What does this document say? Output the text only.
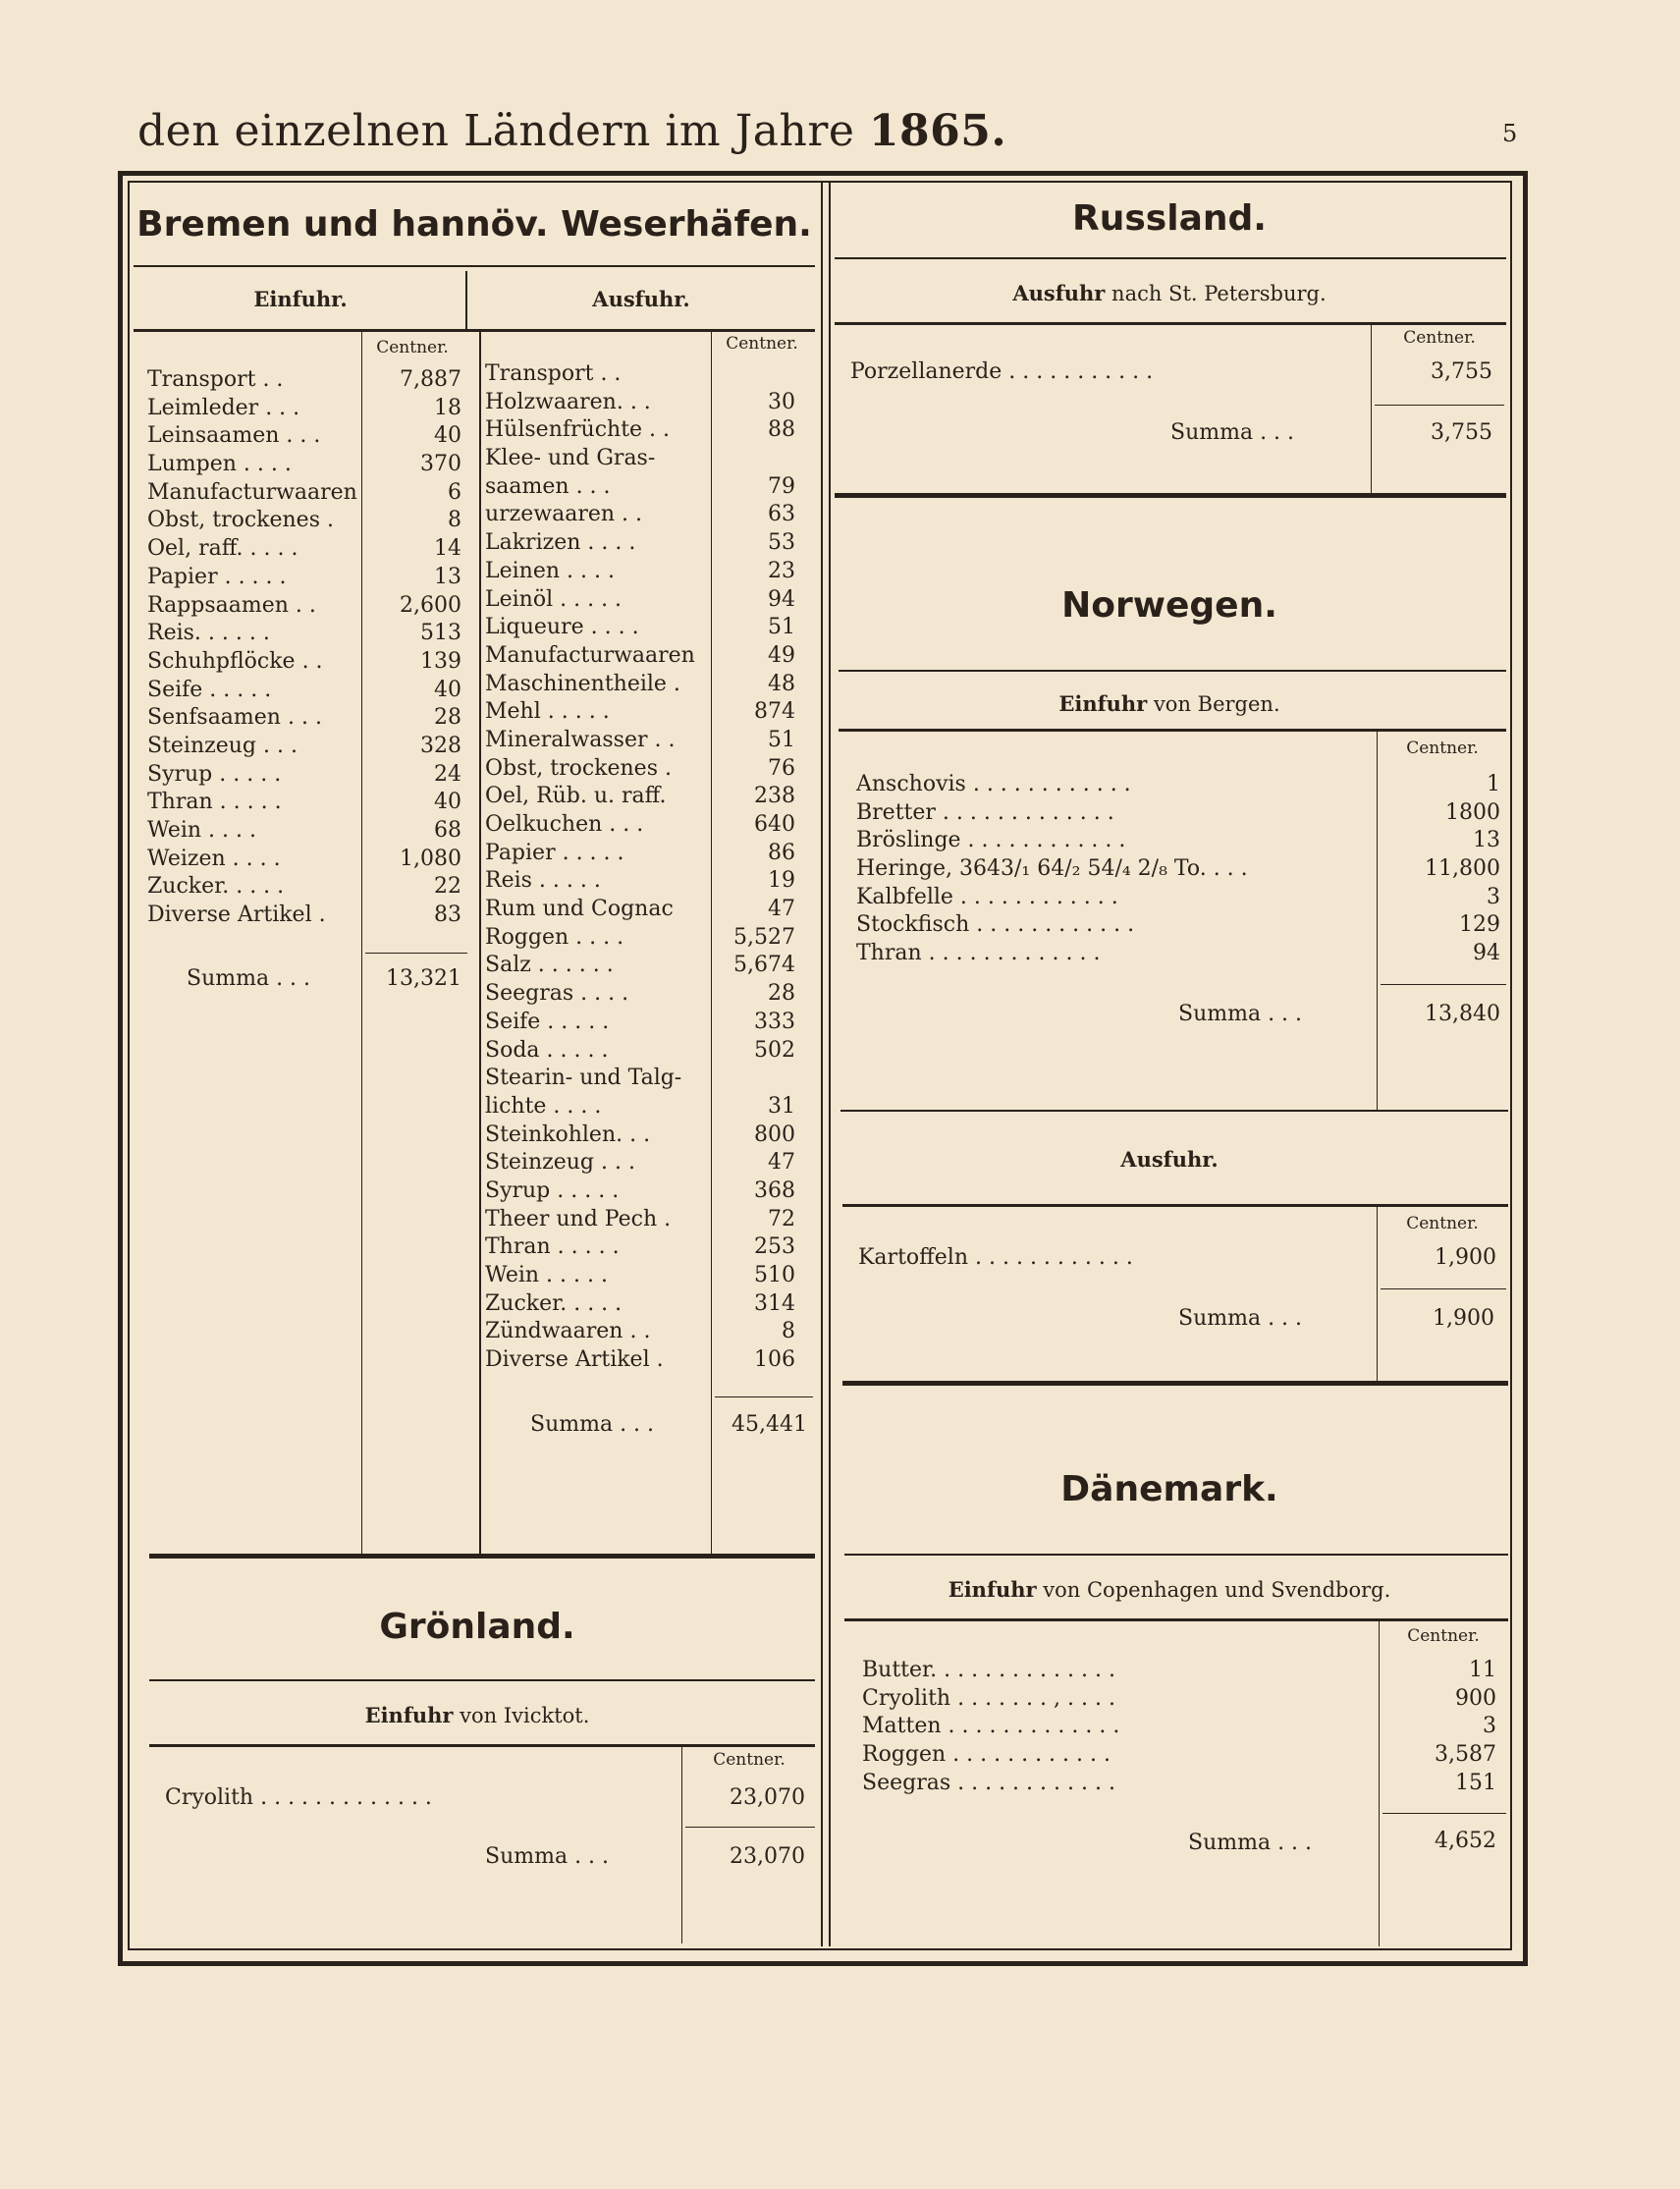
den einzelnen Ländern im Jahre 1865.	5
Bremen und hannöv. Weserhäfen.
Einfuhr.	Ausfuhr.
Centner.	Centner.
Transport . .	7,887
Leimleder . . .	18
Leinsaamen . . .	40
Lumpen . . . .	370
Manufacturwaaren	6
Obst, trockenes .	8
Oel, raff. . . . .	14
Papier . . . . .	13
Rappsaamen . .	2,600
Reis. . . . . .	513
Schuhpflöcke . .	139
Seife . . . . .	40
Senfsaamen . . .	28
Steinzeug . . .	328
Syrup . . . . .	24
Thran . . . . .	40
Wein . . . .	68
Weizen . . . .	1,080
Zucker. . . . .	22
Diverse Artikel .	83
Summa . . .	13,321
Transport . .
Holzwaaren. . .	30
Hülsenfrüchte . .	88
Klee- und Gras-
saamen . . .	79
urzewaaren . .	63
Lakrizen . . . .	53
Leinen . . . .	23
Leinöl . . . . .	94
Liqueure . . . .	51
Manufacturwaaren	49
Maschinentheile .	48
Mehl . . . . .	874
Mineralwasser . .	51
Obst, trockenes .	76
Oel, Rüb. u. raff.	238
Oelkuchen . . .	640
Papier . . . . .	86
Reis . . . . .	19
Rum und Cognac	47
Roggen . . . .	5,527
Salz . . . . . .	5,674
Seegras . . . .	28
Seife . . . . .	333
Soda . . . . .	502
Stearin- und Talg-
lichte . . . .	31
Steinkohlen. . .	800
Steinzeug . . .	47
Syrup . . . . .	368
Theer und Pech .	72
Thran . . . . .	253
Wein . . . . .	510
Zucker. . . . .	314
Zündwaaren . .	8
Diverse Artikel .	106
Summa . . .	45,441
Grönland.
Einfuhr von Ivicktot.
Centner.
Cryolith . . . . . . . . . . . . .	23,070
Summa . . .	23,070
Russland.
Ausfuhr nach St. Petersburg.
Centner.
Porzellanerde . . . . . . . . . . .	3,755
Summa . . .	3,755
Norwegen.
Einfuhr von Bergen.
Centner.
Anschovis . . . . . . . . . . . .	1
Bretter . . . . . . . . . . . . .	1800
Bröslinge . . . . . . . . . . . .	13
Heringe, 3643/₁ 64/₂ 54/₄ 2/₈ To. . . .	11,800
Kalbfelle . . . . . . . . . . . .	3
Stockfisch . . . . . . . . . . . .	129
Thran . . . . . . . . . . . . .	94
Summa . . .	13,840
Ausfuhr.
Centner.
Kartoffeln . . . . . . . . . . . .	1,900
Summa . . .	1,900
Dänemark.
Einfuhr von Copenhagen und Svendborg.
Centner.
Butter. . . . . . . . . . . . . .	11
Cryolith . . . . . . . , . . . .	900
Matten . . . . . . . . . . . . .	3
Roggen . . . . . . . . . . . .	3,587
Seegras . . . . . . . . . . . .	151
Summa . . .	4,652
